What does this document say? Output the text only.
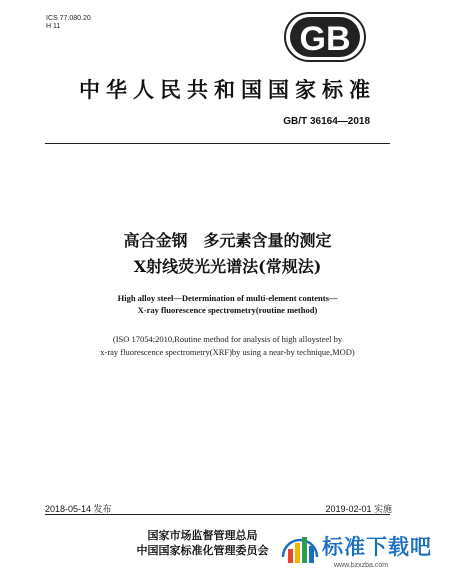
ICS 77.080.20
H 11	GB
中华人民共和国国家标准
GB/T 36164—2018
高合金钢　多元素含量的测定
X射线荧光光谱法(常规法)
High alloy steel—Determination of multi-element contents—
X-ray fluorescence spectrometry(routine method)
(ISO 17054:2010,Routine method for analysis of high alloysteel by
x-ray fluorescence spectrometry(XRF)by using a near-by technique,MOD)
2018-05-14 发布	2019-02-01 实施
国家市场监督管理总局
中国国家标准化管理委员会	标准下载吧
www.bzxzba.com
